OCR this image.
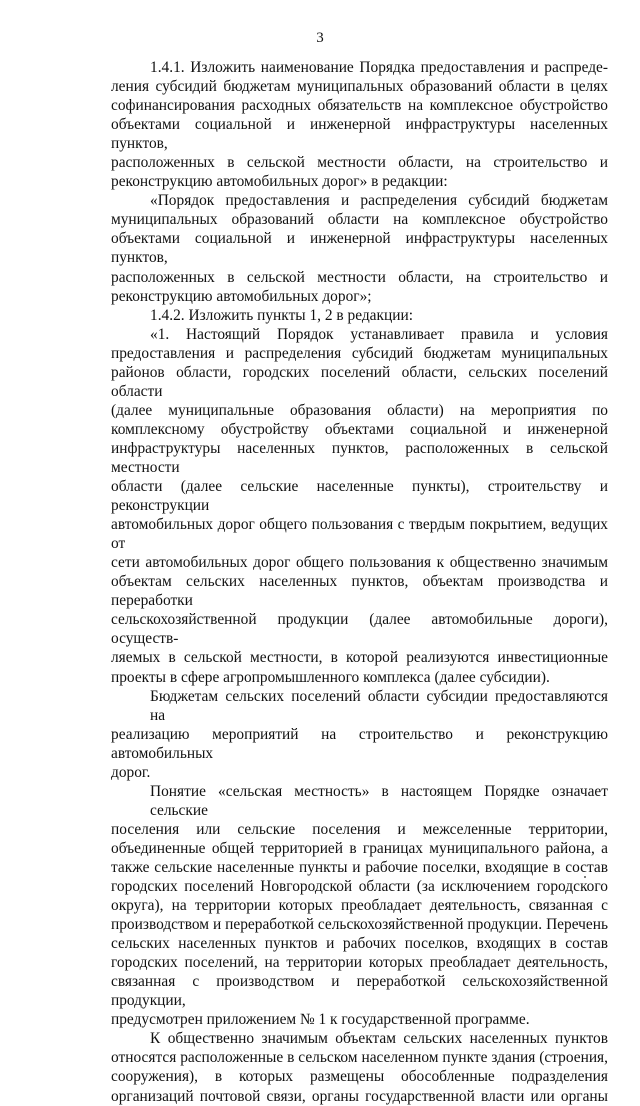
3
1.4.1. Изложить наименование Порядка предоставления и распреде-
ления субсидий бюджетам муниципальных образований области в целях
софинансирования расходных обязательств на комплексное обустройство
объектами социальной и инженерной инфраструктуры населенных пунктов,
расположенных в сельской местности области, на строительство и
реконструкцию автомобильных дорог» в редакции:
«Порядок предоставления и распределения субсидий бюджетам
муниципальных образований области на комплексное обустройство
объектами социальной и инженерной инфраструктуры населенных пунктов,
расположенных в сельской местности области, на строительство и
реконструкцию автомобильных дорог»;
1.4.2. Изложить пункты 1, 2 в редакции:
«1. Настоящий Порядок устанавливает правила и условия
предоставления и распределения субсидий бюджетам муниципальных
районов области, городских поселений области, сельских поселений области
(далее муниципальные образования области) на мероприятия по
комплексному обустройству объектами социальной и инженерной
инфраструктуры населенных пунктов, расположенных в сельской местности
области (далее сельские населенные пункты), строительству и реконструкции
автомобильных дорог общего пользования с твердым покрытием, ведущих от
сети автомобильных дорог общего пользования к общественно значимым
объектам сельских населенных пунктов, объектам производства и переработки
сельскохозяйственной продукции (далее автомобильные дороги), осуществ-
ляемых в сельской местности, в которой реализуются инвестиционные
проекты в сфере агропромышленного комплекса (далее субсидии).
Бюджетам сельских поселений области субсидии предоставляются на
реализацию мероприятий на строительство и реконструкцию автомобильных
дорог.
Понятие «сельская местность» в настоящем Порядке означает сельские
поселения или сельские поселения и межселенные территории,
объединенные общей территорией в границах муниципального района, а
также сельские населенные пункты и рабочие поселки, входящие в состав
городских поселений Новгородской области (за исключением городского
округа), на территории которых преобладает деятельность, связанная с
производством и переработкой сельскохозяйственной продукции. Перечень
сельских населенных пунктов и рабочих поселков, входящих в состав
городских поселений, на территории которых преобладает деятельность,
связанная с производством и переработкой сельскохозяйственной продукции,
предусмотрен приложением № 1 к государственной программе.
К общественно значимым объектам сельских населенных пунктов
относятся расположенные в сельском населенном пункте здания (строения,
сооружения), в которых размещены обособленные подразделения
организаций почтовой связи, органы государственной власти или органы
